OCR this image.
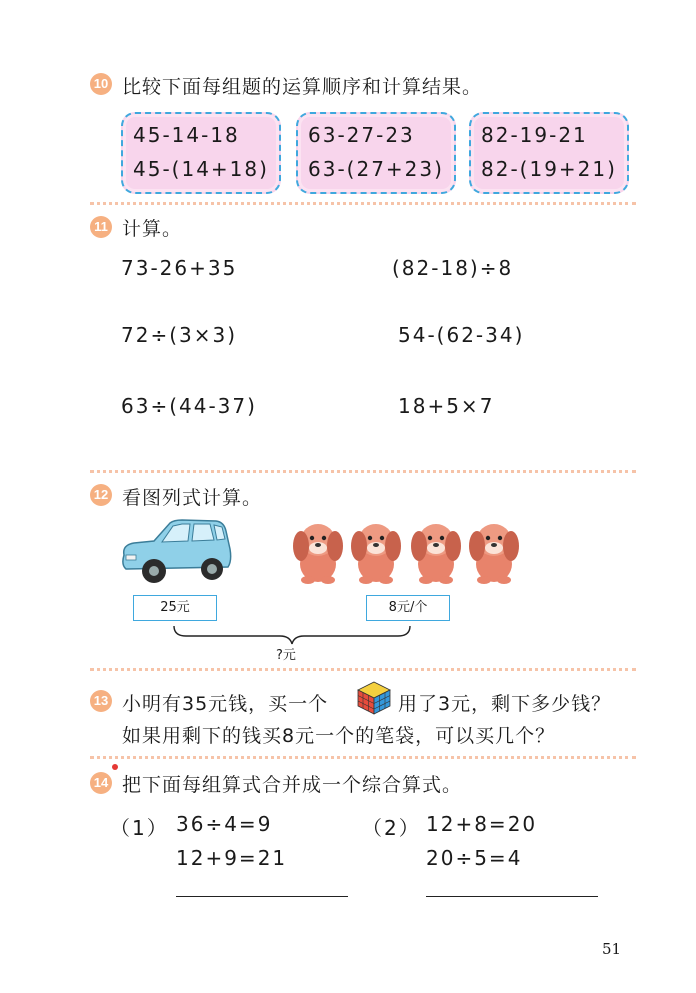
10 比较下面每组题的运算顺序和计算结果。
45-14-18
45-(14+18)
63-27-23
63-(27+23)
82-19-21
82-(19+21)
11 计算。
73-26+35	(82-18)÷8
72÷(3×3)	54-(62-34)
63÷(44-37)	18+5×7
12 看图列式计算。
25元	8元/个
?元
13 小明有35元钱，买一个	用了3元，剩下多少钱？
如果用剩下的钱买8元一个的笔袋，可以买几个？
14 把下面每组算式合并成一个综合算式。
（1） 36÷4=9
12+9=21
（2） 12+8=20
20÷5=4
51
